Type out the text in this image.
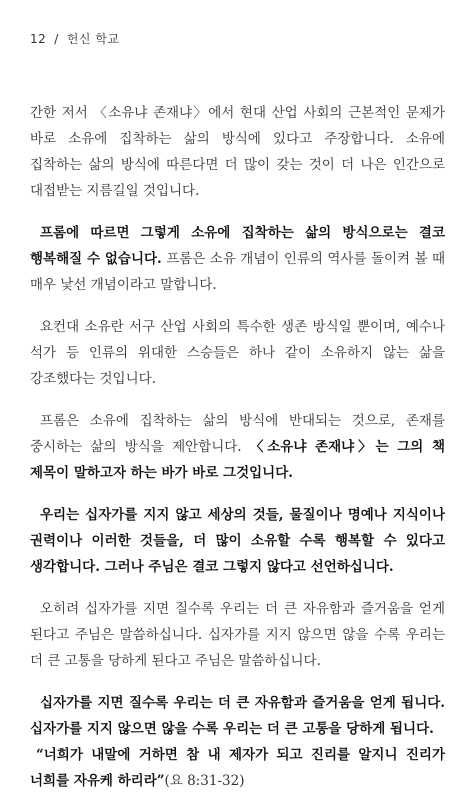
12 / 헌신 학교

간한 저서 〈소유냐 존재냐〉에서 현대 산업 사회의 근본적인 문제가 바로 소유에 집착하는 삶의 방식에 있다고 주장합니다. 소유에 집착하는 삶의 방식에 따른다면 더 많이 갖는 것이 더 나은 인간으로 대접받는 지름길일 것입니다.

프롬에 따르면 그렇게 소유에 집착하는 삶의 방식으로는 결코 행복해질 수 없습니다. 프롬은 소유 개념이 인류의 역사를 돌이켜 볼 때 매우 낯선 개념이라고 말합니다.

요컨대 소유란 서구 산업 사회의 특수한 생존 방식일 뿐이며, 예수나 석가 등 인류의 위대한 스승들은 하나 같이 소유하지 않는 삶을 강조했다는 것입니다.

프롬은 소유에 집착하는 삶의 방식에 반대되는 것으로, 존재를 중시하는 삶의 방식을 제안합니다. 〈소유냐 존재냐〉는 그의 책 제목이 말하고자 하는 바가 바로 그것입니다.

우리는 십자가를 지지 않고 세상의 것들, 물질이나 명예나 지식이나 권력이나 이러한 것들을, 더 많이 소유할 수록 행복할 수 있다고 생각합니다. 그러나 주님은 결코 그렇지 않다고 선언하십니다.

오히려 십자가를 지면 질수록 우리는 더 큰 자유함과 즐거움을 얻게 된다고 주님은 말씀하십니다. 십자가를 지지 않으면 않을 수록 우리는 더 큰 고통을 당하게 된다고 주님은 말씀하십니다.

십자가를 지면 질수록 우리는 더 큰 자유함과 즐거움을 얻게 됩니다. 십자가를 지지 않으면 않을 수록 우리는 더 큰 고통을 당하게 됩니다.
“너희가 내말에 거하면 참 내 제자가 되고 진리를 알지니 진리가 너희를 자유케 하리라”(요 8:31-32)
